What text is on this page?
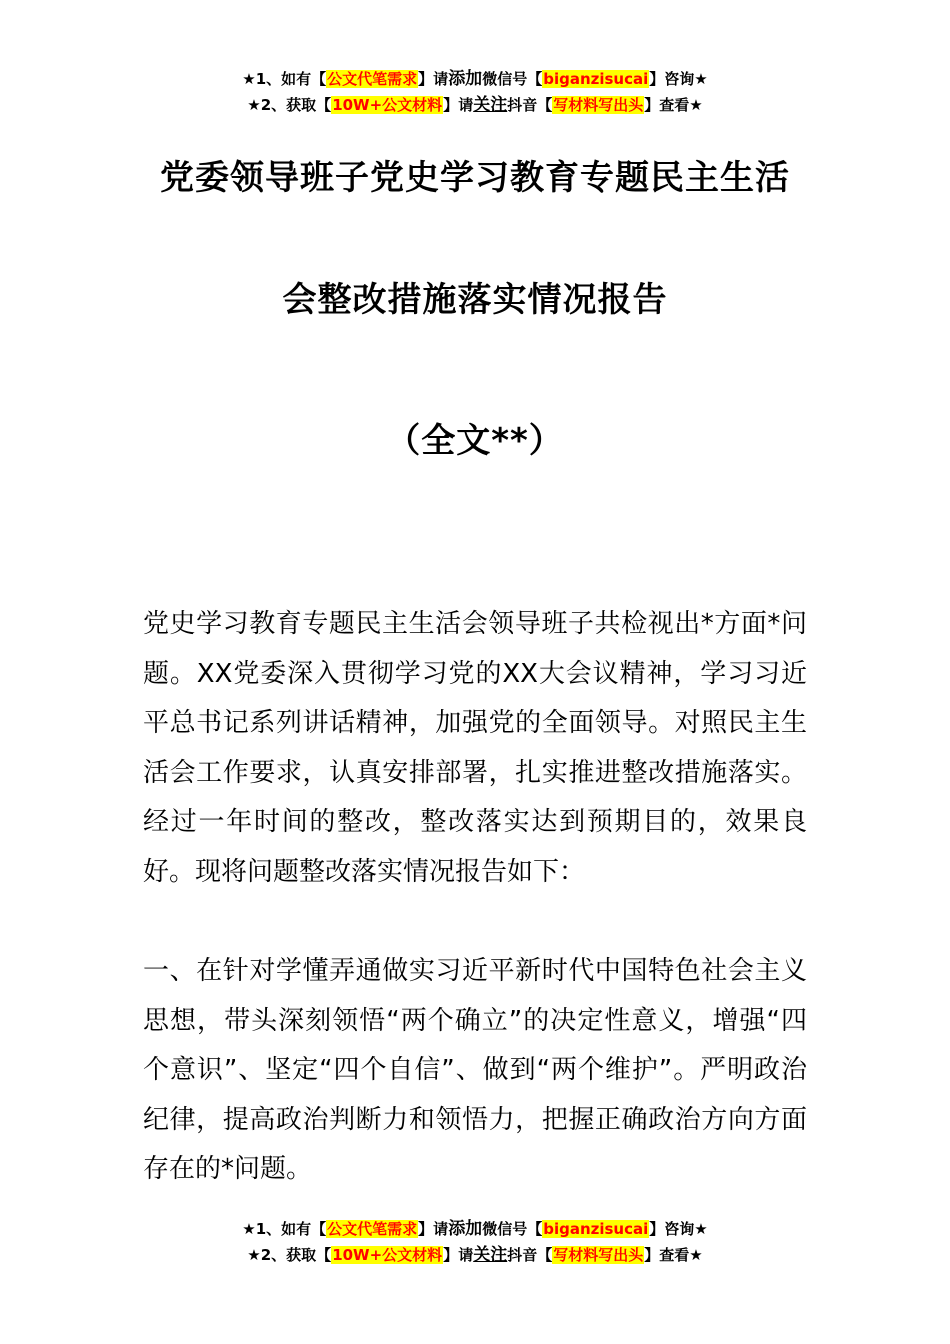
★1、如有【公文代笔需求】请添加微信号【biganzisucai】咨询★
★2、获取【10W+公文材料】请关注抖音【写材料写出头】查看★
党委领导班子党史学习教育专题民主生活
会整改措施落实情况报告
（全文**）

党史学习教育专题民主生活会领导班子共检视出*方面*问题。XX党委深入贯彻学习党的XX大会议精神，学习习近平总书记系列讲话精神，加强党的全面领导。对照民主生活会工作要求，认真安排部署，扎实推进整改措施落实。经过一年时间的整改，整改落实达到预期目的，效果良好。现将问题整改落实情况报告如下：

一、在针对学懂弄通做实习近平新时代中国特色社会主义思想，带头深刻领悟“两个确立”的决定性意义，增强“四个意识”、坚定“四个自信”、做到“两个维护”。严明政治纪律，提高政治判断力和领悟力，把握正确政治方向方面存在的*问题。

★1、如有【公文代笔需求】请添加微信号【biganzisucai】咨询★
★2、获取【10W+公文材料】请关注抖音【写材料写出头】查看★
